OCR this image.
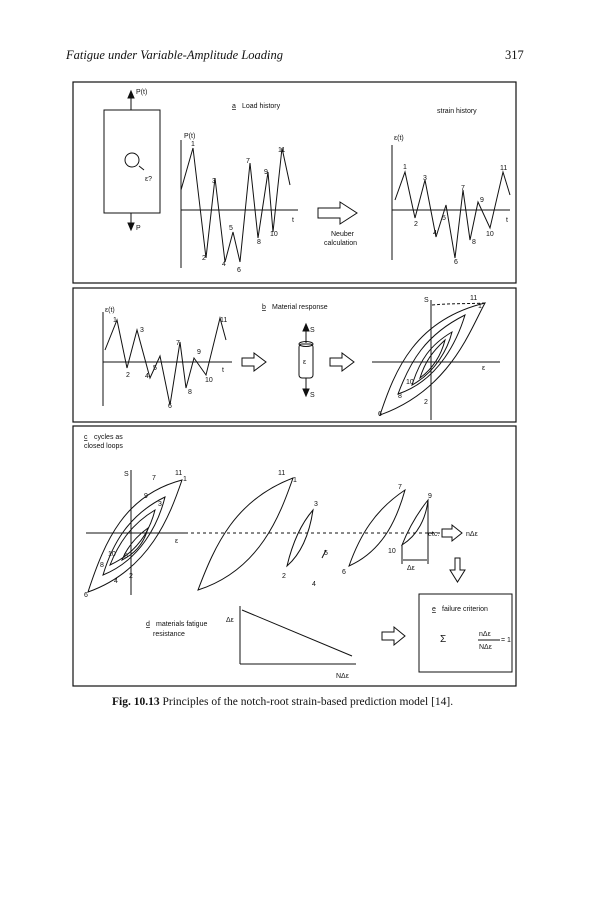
Fatigue under Variable-Amplitude Loading	317
P(t)
P
ε?
a Load history
strain history
P(t)	ε(t)
t	t
Neuber
calculation
1
2
3
4
5
6
7
8
9
10
11
1
2
3
4
5
6
7
8
9
10
11
ε(t)
t
b Material response
S
S
ε
S
ε
1
2
3
4
5
6
7
8
9
10
11
1
2
11
6
8
10
c cycles as
closed loops
S
ε
etc.	nΔε
Δε
1
2
3
4
5
6
7
8
9
10
11	11
1
3
2
5
4
7
6
9
10
d materials fatigue
resistance
Δε
NΔε
e failure criterion
Σ	nΔε
NΔε
= 1
Fig. 10.13 Principles of the notch-root strain-based prediction model [14].
